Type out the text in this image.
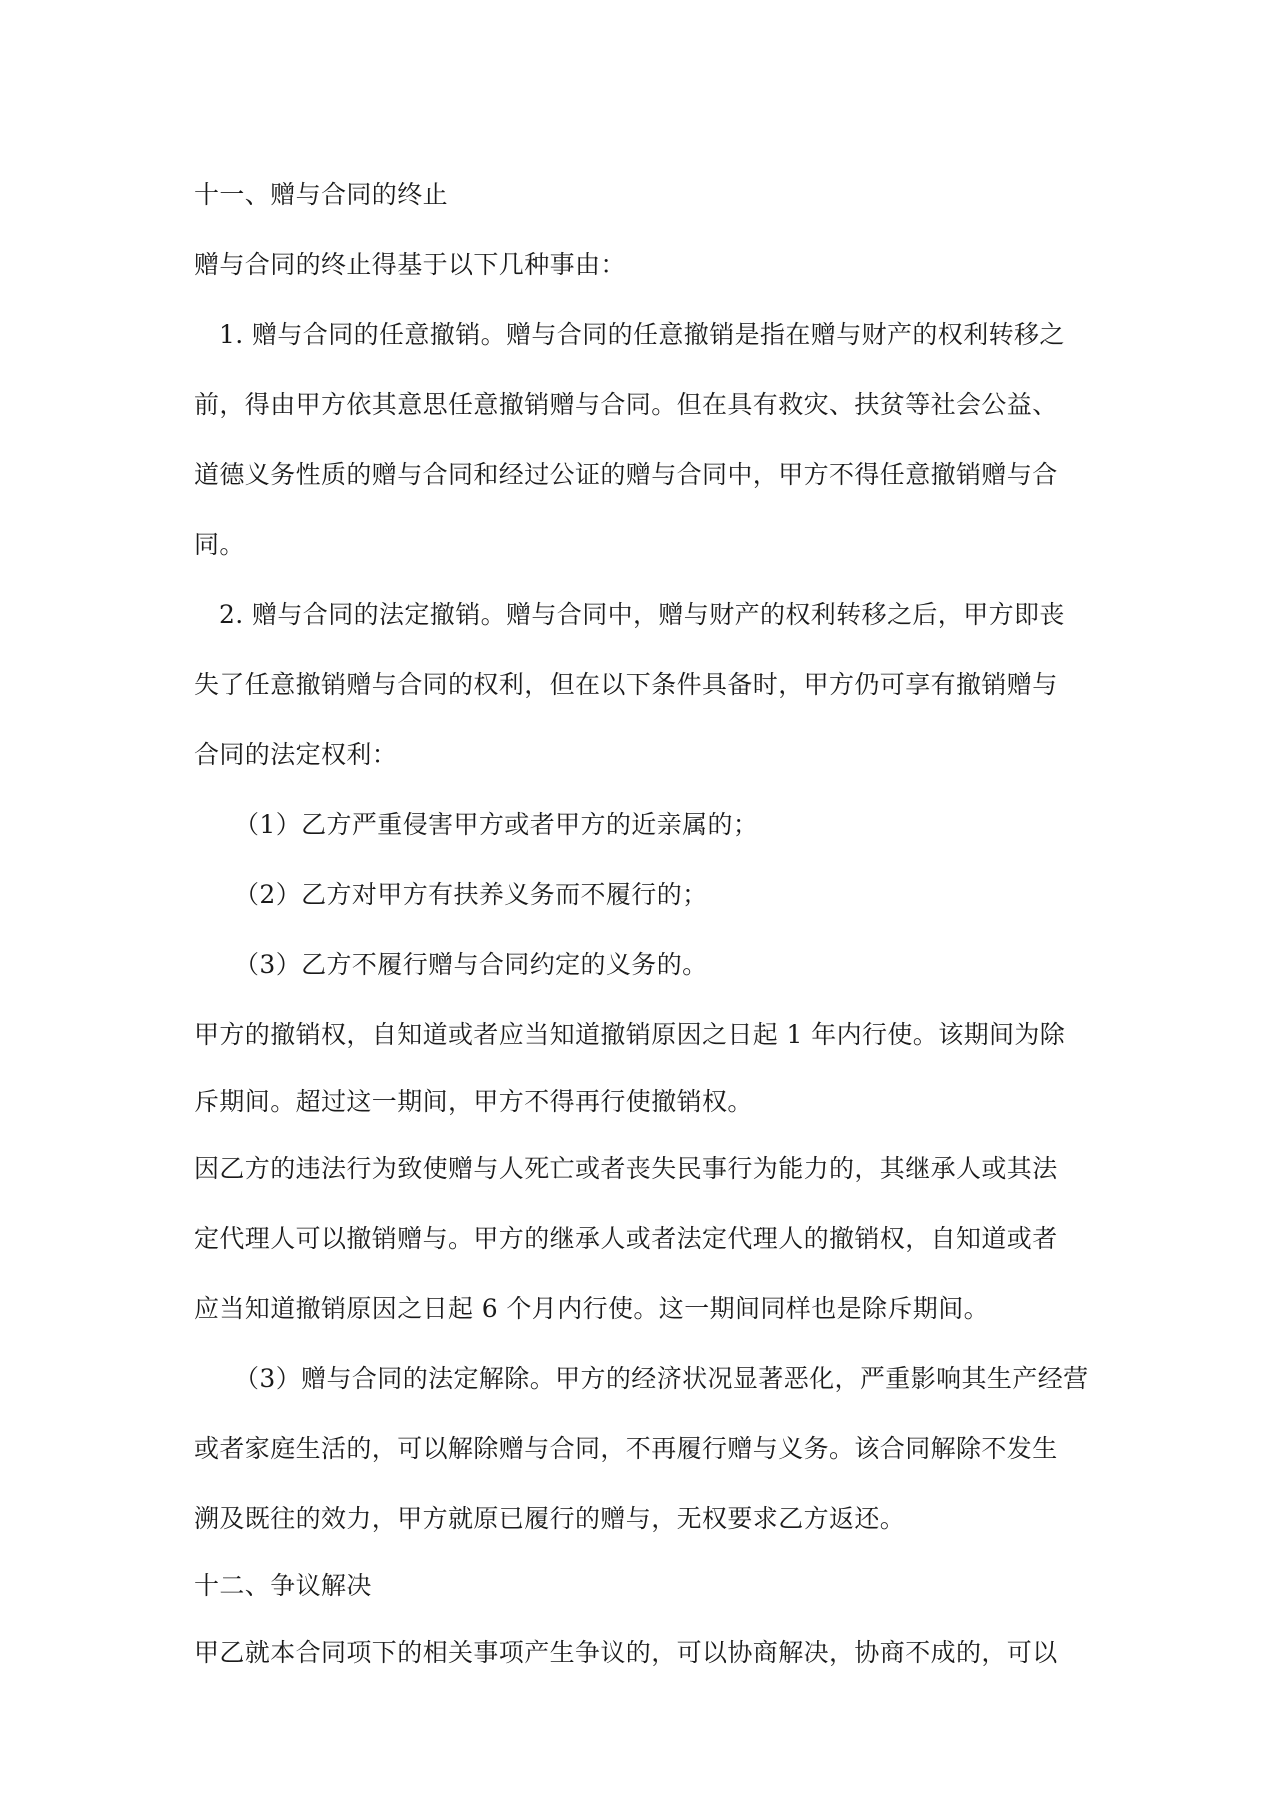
十一、赠与合同的终止
赠与合同的终止得基于以下几种事由：
1. 赠与合同的任意撤销。赠与合同的任意撤销是指在赠与财产的权利转移之
前，得由甲方依其意思任意撤销赠与合同。但在具有救灾、扶贫等社会公益、
道德义务性质的赠与合同和经过公证的赠与合同中，甲方不得任意撤销赠与合
同。
2. 赠与合同的法定撤销。赠与合同中，赠与财产的权利转移之后，甲方即丧
失了任意撤销赠与合同的权利，但在以下条件具备时，甲方仍可享有撤销赠与
合同的法定权利：
（1）乙方严重侵害甲方或者甲方的近亲属的；
（2）乙方对甲方有扶养义务而不履行的；
（3）乙方不履行赠与合同约定的义务的。
甲方的撤销权，自知道或者应当知道撤销原因之日起 1 年内行使。该期间为除
斥期间。超过这一期间，甲方不得再行使撤销权。
因乙方的违法行为致使赠与人死亡或者丧失民事行为能力的，其继承人或其法
定代理人可以撤销赠与。甲方的继承人或者法定代理人的撤销权，自知道或者
应当知道撤销原因之日起 6 个月内行使。这一期间同样也是除斥期间。
（3）赠与合同的法定解除。甲方的经济状况显著恶化，严重影响其生产经营
或者家庭生活的，可以解除赠与合同，不再履行赠与义务。该合同解除不发生
溯及既往的效力，甲方就原已履行的赠与，无权要求乙方返还。
十二、争议解决
甲乙就本合同项下的相关事项产生争议的，可以协商解决，协商不成的，可以
